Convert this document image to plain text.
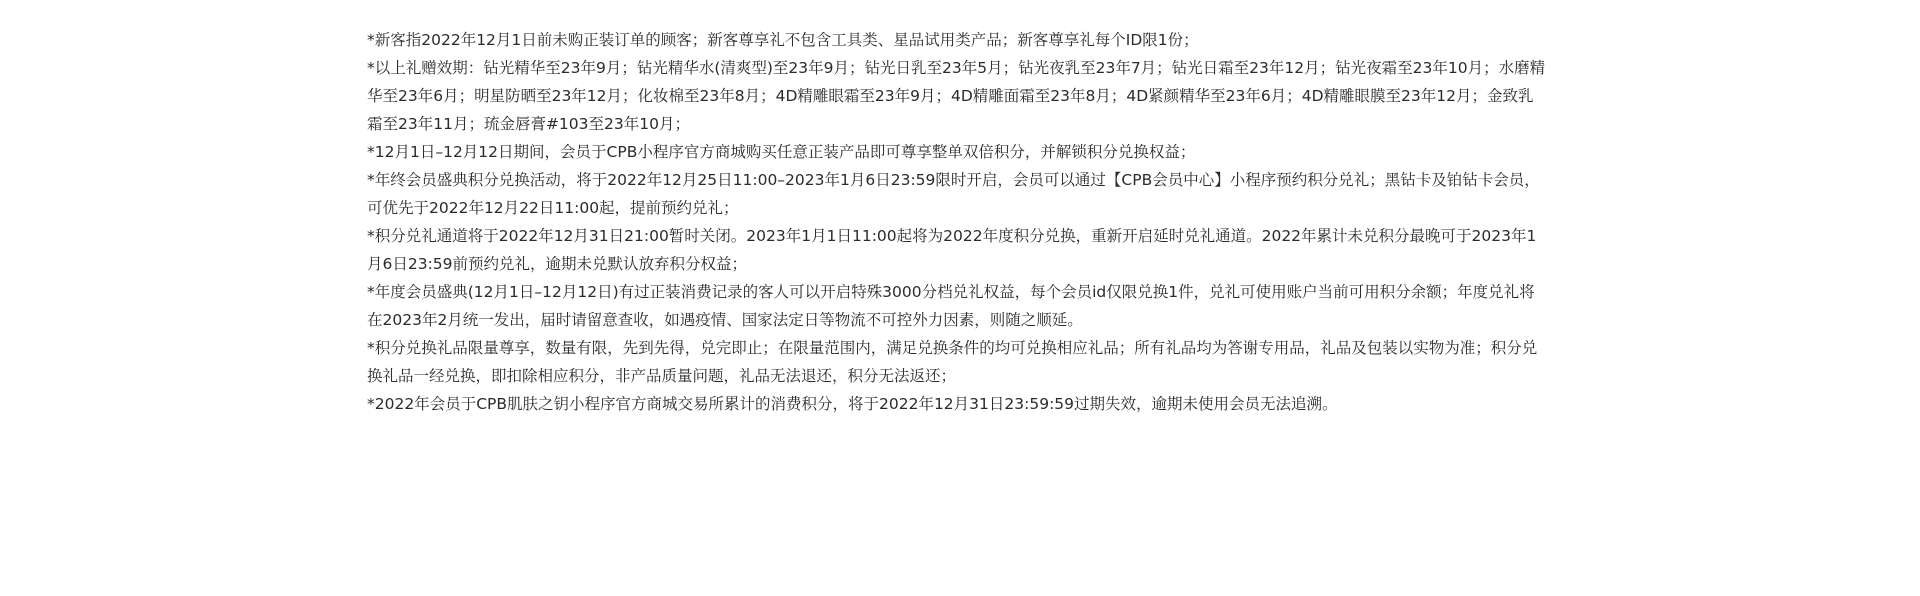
*新客指2022年12月1日前未购正装订单的顾客；新客尊享礼不包含工具类、星品试用类产品；新客尊享礼每个ID限1份；

*以上礼赠效期：钻光精华至23年9月；钻光精华水(清爽型)至23年9月；钻光日乳至23年5月；钻光夜乳至23年7月；钻光日霜至23年12月；钻光夜霜至23年10月；水磨精华至23年6月；明星防晒至23年12月；化妆棉至23年8月；4D精雕眼霜至23年9月；4D精雕面霜至23年8月；4D紧颜精华至23年6月；4D精雕眼膜至23年12月；金致乳霜至23年11月；琉金唇膏#103至23年10月；

*12月1日–12月12日期间，会员于CPB小程序官方商城购买任意正装产品即可尊享整单双倍积分，并解锁积分兑换权益；

*年终会员盛典积分兑换活动，将于2022年12月25日11:00–2023年1月6日23:59限时开启，会员可以通过【CPB会员中心】小程序预约积分兑礼；黑钻卡及铂钻卡会员，可优先于2022年12月22日11:00起，提前预约兑礼；

*积分兑礼通道将于2022年12月31日21:00暂时关闭。2023年1月1日11:00起将为2022年度积分兑换，重新开启延时兑礼通道。2022年累计未兑积分最晚可于2023年1月6日23:59前预约兑礼，逾期未兑默认放弃积分权益；

*年度会员盛典(12月1日–12月12日)有过正装消费记录的客人可以开启特殊3000分档兑礼权益，每个会员id仅限兑换1件，兑礼可使用账户当前可用积分余额；年度兑礼将在2023年2月统一发出，届时请留意查收，如遇疫情、国家法定日等物流不可控外力因素，则随之顺延。

*积分兑换礼品限量尊享，数量有限，先到先得，兑完即止；在限量范围内，满足兑换条件的均可兑换相应礼品；所有礼品均为答谢专用品，礼品及包装以实物为准；积分兑换礼品一经兑换，即扣除相应积分，非产品质量问题，礼品无法退还，积分无法返还；

*2022年会员于CPB肌肤之钥小程序官方商城交易所累计的消费积分，将于2022年12月31日23:59:59过期失效，逾期未使用会员无法追溯。
